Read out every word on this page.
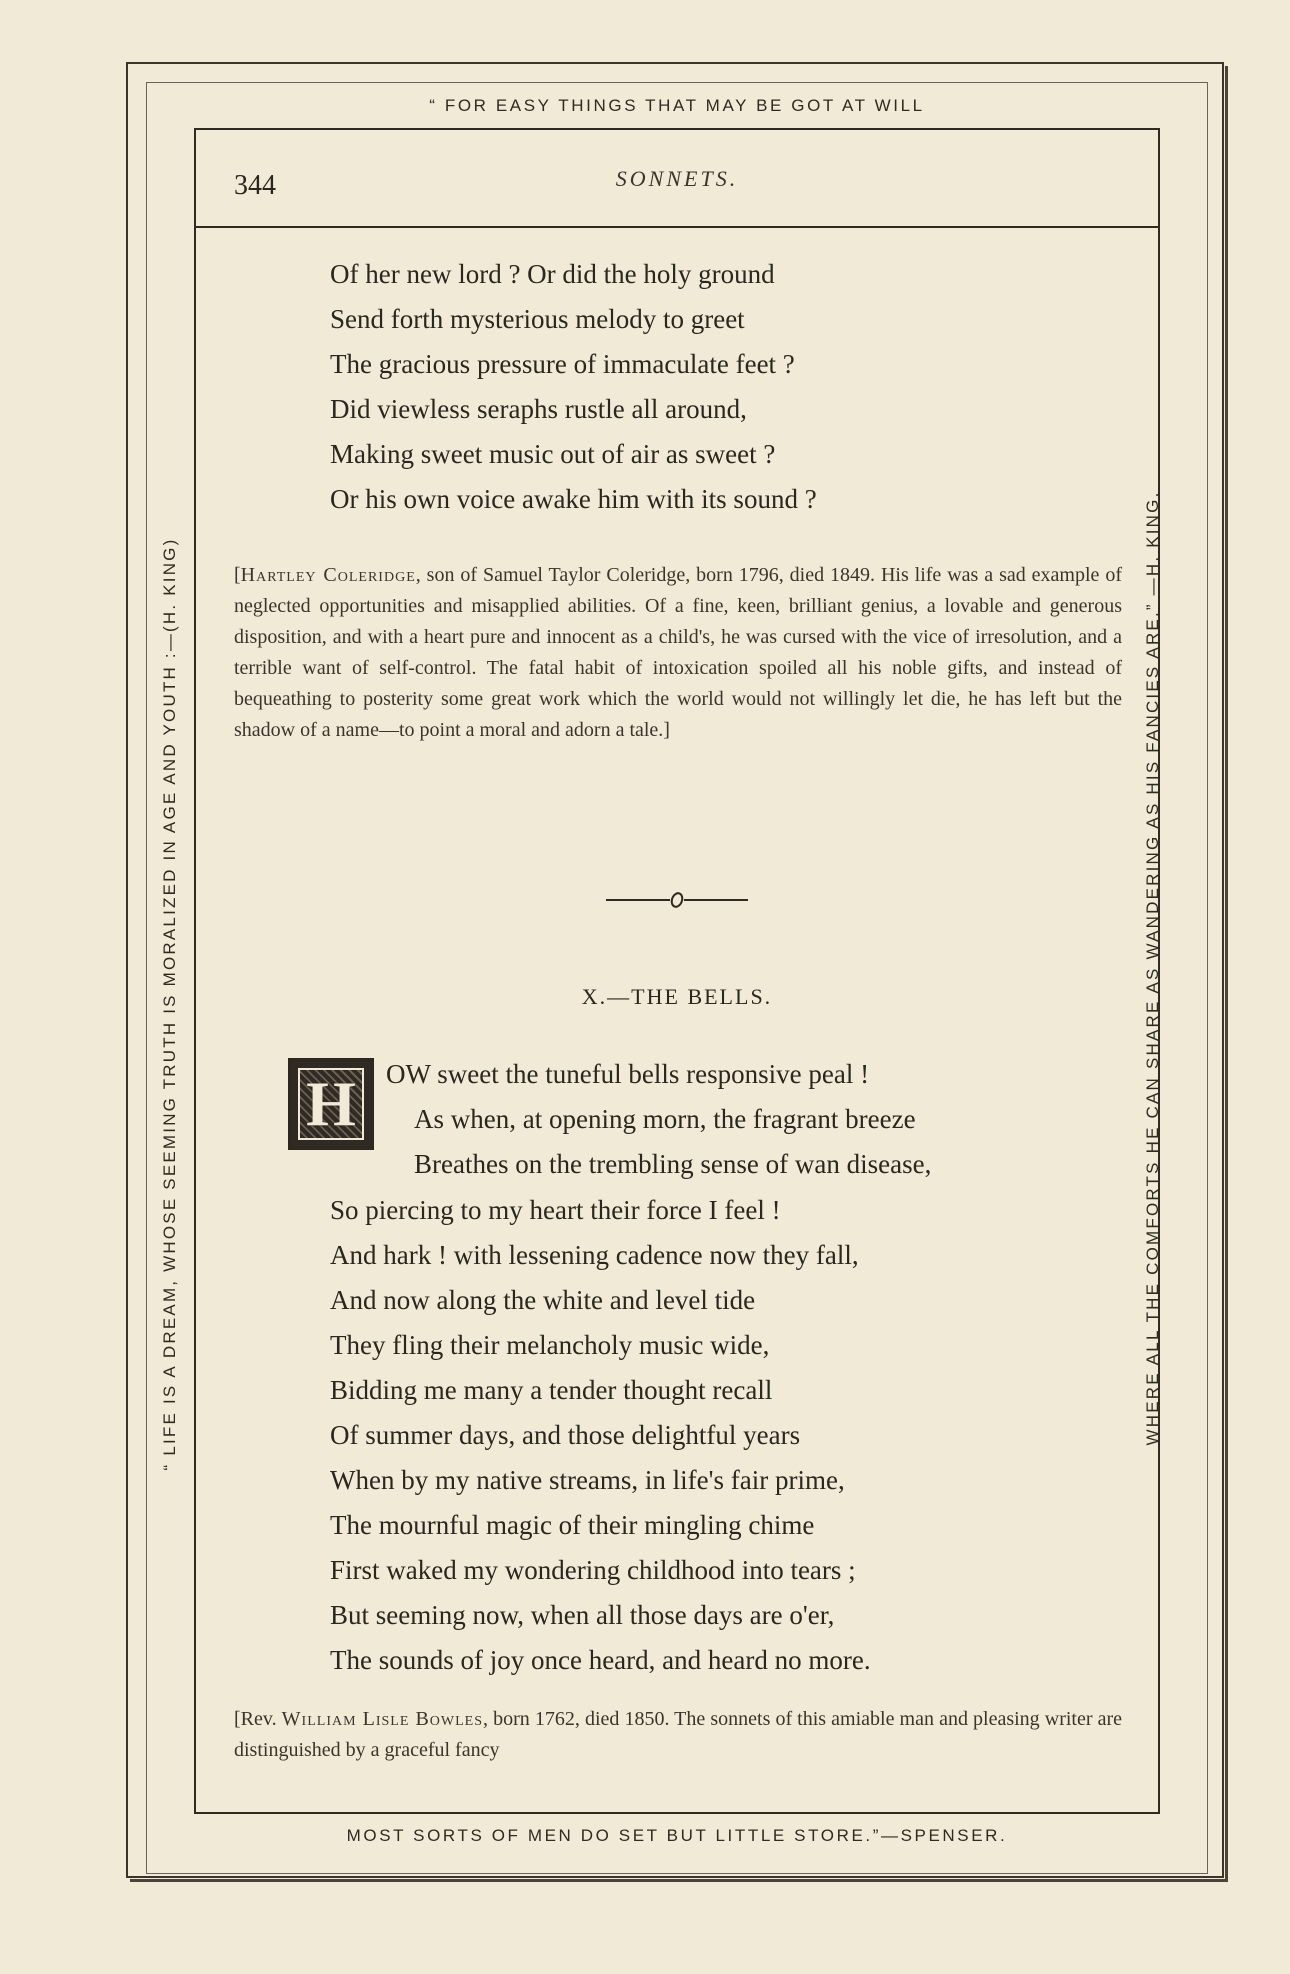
“ FOR EASY THINGS THAT MAY BE GOT AT WILL
MOST SORTS OF MEN DO SET BUT LITTLE STORE.”—SPENSER.
“ LIFE IS A DREAM, WHOSE SEEMING TRUTH IS MORALIZED IN AGE AND YOUTH :—(H. KING)	WHERE ALL THE COMFORTS HE CAN SHARE AS WANDERING AS HIS FANCIES ARE.” —H. KING.
344	SONNETS.
Of her new lord ? Or did the holy ground
Send forth mysterious melody to greet
The gracious pressure of immaculate feet ?
Did viewless seraphs rustle all around,
Making sweet music out of air as sweet ?
Or his own voice awake him with its sound ?

[Hartley Coleridge, son of Samuel Taylor Coleridge, born 1796, died 1849. His life was a sad example of neglected opportunities and misapplied abilities. Of a fine, keen, brilliant genius, a lovable and generous disposition, and with a heart pure and innocent as a child's, he was cursed with the vice of irresolution, and a terrible want of self-control. The fatal habit of intoxication spoiled all his noble gifts, and instead of bequeathing to posterity some great work which the world would not willingly let die, he has left but the shadow of a name—to point a moral and adorn a tale.]

X.—THE BELLS.
H OW sweet the tuneful bells responsive peal !
As when, at opening morn, the fragrant breeze
Breathes on the trembling sense of wan disease,
So piercing to my heart their force I feel !
And hark ! with lessening cadence now they fall,
And now along the white and level tide
They fling their melancholy music wide,
Bidding me many a tender thought recall
Of summer days, and those delightful years
When by my native streams, in life's fair prime,
The mournful magic of their mingling chime
First waked my wondering childhood into tears ;
But seeming now, when all those days are o'er,
The sounds of joy once heard, and heard no more.

[Rev. William Lisle Bowles, born 1762, died 1850. The sonnets of this amiable man and pleasing writer are distinguished by a graceful fancy
